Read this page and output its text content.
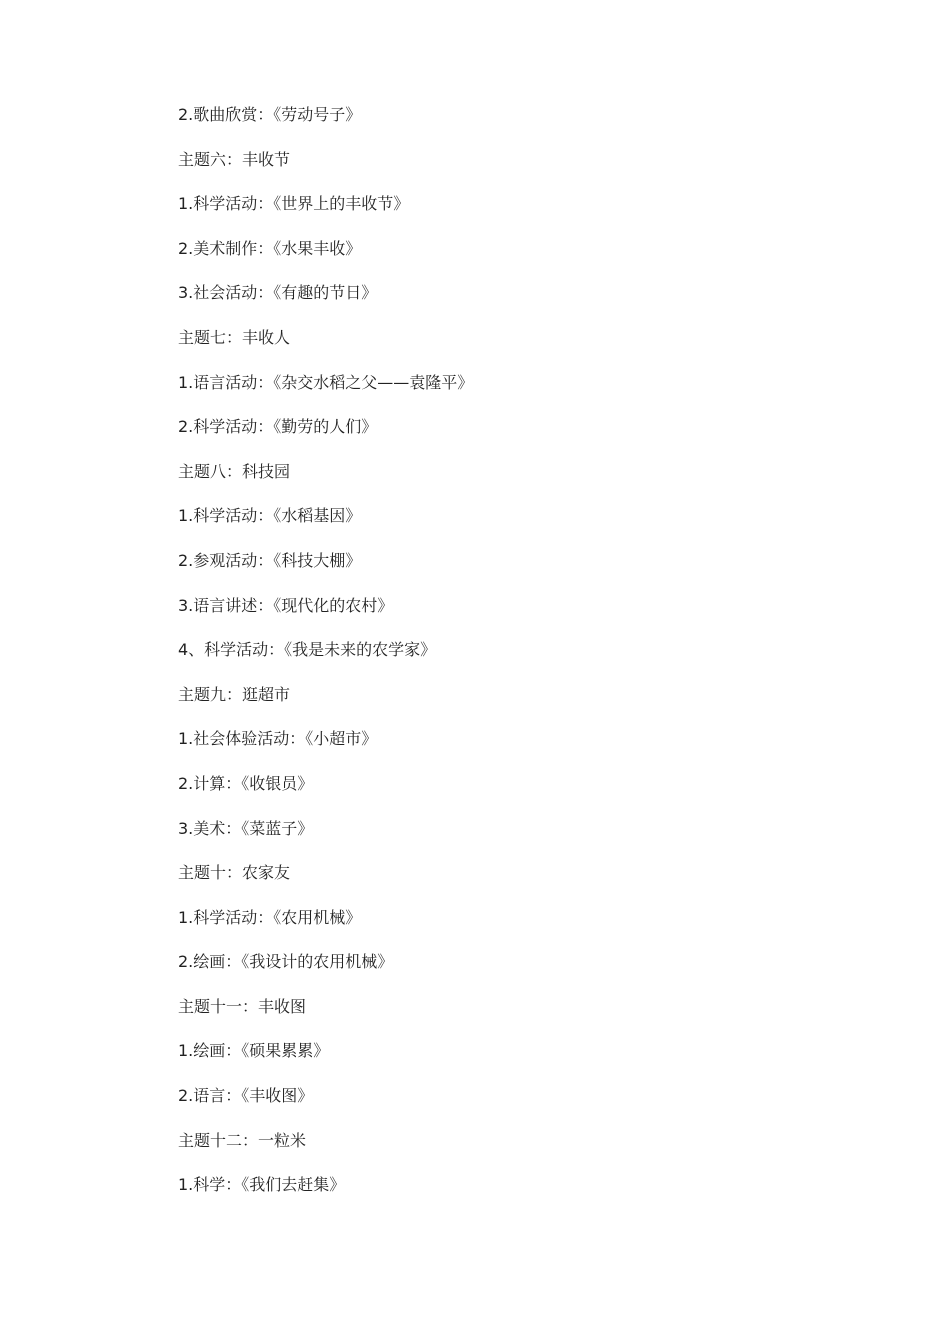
2.歌曲欣赏：《劳动号子》

主题六：丰收节

1.科学活动：《世界上的丰收节》

2.美术制作：《水果丰收》

3.社会活动：《有趣的节日》

主题七：丰收人

1.语言活动：《杂交水稻之父——袁隆平》

2.科学活动：《勤劳的人们》

主题八：科技园

1.科学活动：《水稻基因》

2.参观活动：《科技大棚》

3.语言讲述：《现代化的农村》

4、科学活动：《我是未来的农学家》

主题九：逛超市

1.社会体验活动：《小超市》

2.计算：《收银员》

3.美术：《菜蓝子》

主题十：农家友

1.科学活动：《农用机械》

2.绘画：《我设计的农用机械》

主题十一：丰收图

1.绘画：《硕果累累》

2.语言：《丰收图》

主题十二：一粒米

1.科学：《我们去赶集》
